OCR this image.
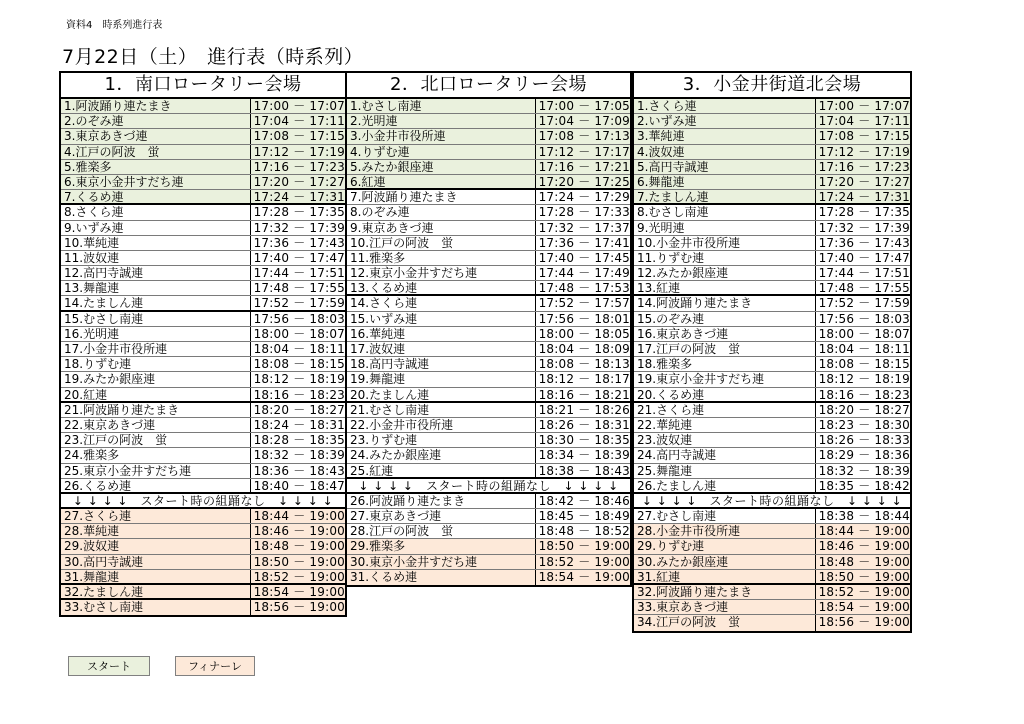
資料4　時系列進行表
7月22日（土）　進行表（時系列）
1．南口ロータリー会場
1.阿波踊り連たまき	17:00 － 17:07
2.のぞみ連	17:04 － 17:11
3.東京あきづ連	17:08 － 17:15
4.江戸の阿波　蛍	17:12 － 17:19
5.雅楽多	17:16 － 17:23
6.東京小金井すだち連	17:20 － 17:27
7.くるめ連	17:24 － 17:31
8.さくら連	17:28 － 17:35
9.いずみ連	17:32 － 17:39
10.華純連	17:36 － 17:43
11.波奴連	17:40 － 17:47
12.高円寺誠連	17:44 － 17:51
13.舞龍連	17:48 － 17:55
14.たましん連	17:52 － 17:59
15.むさし南連	17:56 － 18:03
16.光明連	18:00 － 18:07
17.小金井市役所連	18:04 － 18:11
18.りずむ連	18:08 － 18:15
19.みたか銀座連	18:12 － 18:19
20.紅連	18:16 － 18:23
21.阿波踊り連たまき	18:20 － 18:27
22.東京あきづ連	18:24 － 18:31
23.江戸の阿波　蛍	18:28 － 18:35
24.雅楽多	18:32 － 18:39
25.東京小金井すだち連	18:36 － 18:43
26.くるめ連	18:40 － 18:47
↓ ↓ ↓ ↓　スタート時の組踊なし　↓ ↓ ↓ ↓
27.さくら連	18:44 － 19:00
28.華純連	18:46 － 19:00
29.波奴連	18:48 － 19:00
30.高円寺誠連	18:50 － 19:00
31.舞龍連	18:52 － 19:00
32.たましん連	18:54 － 19:00
33.むさし南連	18:56 － 19:00
2．北口ロータリー会場
1.むさし南連	17:00 － 17:05
2.光明連	17:04 － 17:09
3.小金井市役所連	17:08 － 17:13
4.りずむ連	17:12 － 17:17
5.みたか銀座連	17:16 － 17:21
6.紅連	17:20 － 17:25
7.阿波踊り連たまき	17:24 － 17:29
8.のぞみ連	17:28 － 17:33
9.東京あきづ連	17:32 － 17:37
10.江戸の阿波　蛍	17:36 － 17:41
11.雅楽多	17:40 － 17:45
12.東京小金井すだち連	17:44 － 17:49
13.くるめ連	17:48 － 17:53
14.さくら連	17:52 － 17:57
15.いずみ連	17:56 － 18:01
16.華純連	18:00 － 18:05
17.波奴連	18:04 － 18:09
18.高円寺誠連	18:08 － 18:13
19.舞龍連	18:12 － 18:17
20.たましん連	18:16 － 18:21
21.むさし南連	18:21 － 18:26
22.小金井市役所連	18:26 － 18:31
23.りずむ連	18:30 － 18:35
24.みたか銀座連	18:34 － 18:39
25.紅連	18:38 － 18:43
↓ ↓ ↓ ↓　スタート時の組踊なし　↓ ↓ ↓ ↓
26.阿波踊り連たまき	18:42 － 18:46
27.東京あきづ連	18:45 － 18:49
28.江戸の阿波　蛍	18:48 － 18:52
29.雅楽多	18:50 － 19:00
30.東京小金井すだち連	18:52 － 19:00
31.くるめ連	18:54 － 19:00
3．小金井街道北会場
1.さくら連	17:00 － 17:07
2.いずみ連	17:04 － 17:11
3.華純連	17:08 － 17:15
4.波奴連	17:12 － 17:19
5.高円寺誠連	17:16 － 17:23
6.舞龍連	17:20 － 17:27
7.たましん連	17:24 － 17:31
8.むさし南連	17:28 － 17:35
9.光明連	17:32 － 17:39
10.小金井市役所連	17:36 － 17:43
11.りずむ連	17:40 － 17:47
12.みたか銀座連	17:44 － 17:51
13.紅連	17:48 － 17:55
14.阿波踊り連たまき	17:52 － 17:59
15.のぞみ連	17:56 － 18:03
16.東京あきづ連	18:00 － 18:07
17.江戸の阿波　蛍	18:04 － 18:11
18.雅楽多	18:08 － 18:15
19.東京小金井すだち連	18:12 － 18:19
20.くるめ連	18:16 － 18:23
21.さくら連	18:20 － 18:27
22.華純連	18:23 － 18:30
23.波奴連	18:26 － 18:33
24.高円寺誠連	18:29 － 18:36
25.舞龍連	18:32 － 18:39
26.たましん連	18:35 － 18:42
↓ ↓ ↓ ↓　スタート時の組踊なし　↓ ↓ ↓ ↓
27.むさし南連	18:38 － 18:44
28.小金井市役所連	18:44 － 19:00
29.りずむ連	18:46 － 19:00
30.みたか銀座連	18:48 － 19:00
31.紅連	18:50 － 19:00
32.阿波踊り連たまき	18:52 － 19:00
33.東京あきづ連	18:54 － 19:00
34.江戸の阿波　蛍	18:56 － 19:00
スタート	フィナーレ
